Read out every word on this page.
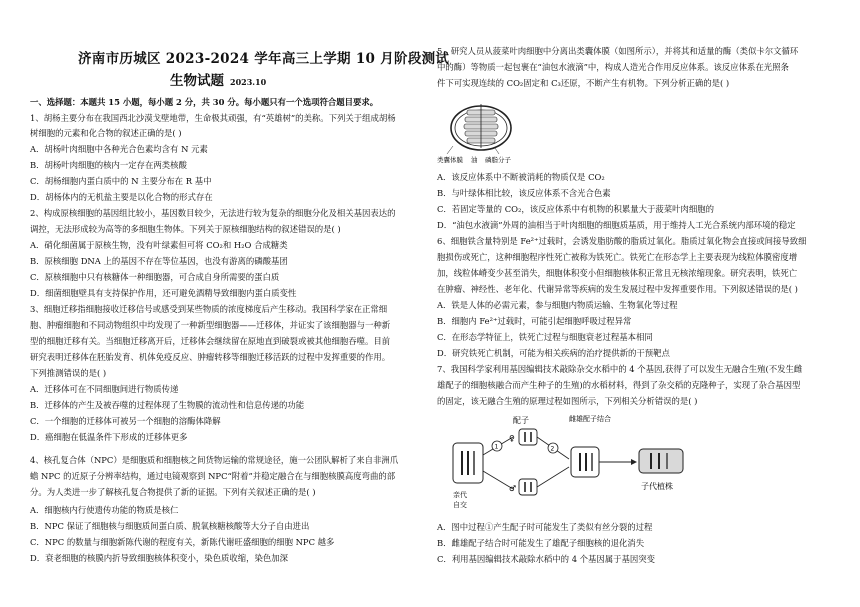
济南市历城区 2023-2024 学年高三上学期 10 月阶段测试
生物试题 2023.10
一、选择题：本题共 15 小题，每小题 2 分，共 30 分。每小题只有一个选项符合题目要求。
1、胡杨主要分布在我国西北沙漠戈壁地带，生命极其顽强，有“英雄树”的美称。下列关于组成胡杨
树细胞的元素和化合物的叙述正确的是( )
A．胡杨叶肉细胞中各种光合色素均含有 N 元素
B．胡杨叶肉细胞的核内一定存在两类核酸
C．胡杨细胞内蛋白质中的 N 主要分布在 R 基中
D．胡杨体内的无机盐主要是以化合物的形式存在
2、构成原核细胞的基因组比较小，基因数目较少，无法进行较为复杂的细胞分化及相关基因表达的
调控，无法形成较为高等的多细胞生物体。下列关于原核细胞结构的叙述错误的是( )
A．硝化细菌属于原核生物，没有叶绿素但可将 CO₂和 H₂O 合成糖类
B．原核细胞 DNA 上的基因不存在等位基因，也没有游离的磷酸基团
C．原核细胞中只有核糖体一种细胞器，可合成自身所需要的蛋白质
D．细菌细胞壁具有支持保护作用，还可避免酒精导致细胞内蛋白质变性
3、细胞迁移指细胞接收迁移信号或感受到某些物质的浓度梯度后产生移动。我国科学家在正常细
胞、肿瘤细胞和不同动物组织中均发现了一种新型细胞器——迁移体，并证实了该细胞器与一种新
型的细胞迁移有关。当细胞迁移离开后，迁移体会继续留在原地直到破裂或被其他细胞吞噬。目前
研究表明迁移体在胚胎发育、机体免疫反应、肿瘤转移等细胞迁移活跃的过程中发挥重要的作用。
下列推测错误的是( )
A．迁移体可在不同细胞间进行物质传递
B．迁移体的产生及被吞噬的过程体现了生物膜的流动性和信息传递的功能
C．一个细胞的迁移体可被另一个细胞的溶酶体降解
D．癌细胞在低温条件下形成的迁移体更多
4、核孔复合体（NPC）是细胞质和细胞核之间货物运输的常规途径，施一公团队解析了来自非洲爪
蟾 NPC 的近原子分辨率结构，通过电镜观察到 NPC“附着”并稳定融合在与细胞核膜高度弯曲的部
分。为人类进一步了解核孔复合物提供了新的证据。下列有关叙述正确的是( )
A．细胞核内行使遗传功能的物质是核仁
B．NPC 保证了细胞核与细胞质间蛋白质、脱氧核糖核酸等大分子自由进出
C．NPC 的数量与细胞新陈代谢的程度有关，新陈代谢旺盛细胞的细胞 NPC 越多
D．衰老细胞的核膜内折导致细胞核体积变小，染色质收缩，染色加深
5、研究人员从菠菜叶肉细胞中分离出类囊体膜（如图所示），并将其和适量的酶（类似卡尔文循环
中的酶）等物质一起包裹在“油包水液滴”中，构成人造光合作用反应体系。该反应体系在光照条
件下可实现连续的 CO₂固定和 C₃还原，不断产生有机物。下列分析正确的是( )
类囊体膜 油 磷脂分子
A．该反应体系中不断被消耗的物质仅是 CO₂
B．与叶绿体相比较，该反应体系不含光合色素
C．若固定等量的 CO₂，该反应体系中有机物的积累量大于菠菜叶肉细胞的
D．“油包水液滴”外周的油相当于叶肉细胞的细胞质基质，用于维持人工光合系统内部环境的稳定
6、细胞铁含量特别是 Fe²⁺过载时，会诱发脂肪酸的脂质过氧化。脂质过氧化物会直接或间接导致细
胞损伤或死亡，这种细胞程序性死亡被称为铁死亡。铁死亡在形态学上主要表现为线粒体膜密度增
加，线粒体嵴变少甚至消失，细胞体积变小但细胞核体积正常且无核浓缩现象。研究表明，铁死亡
在肿瘤、神经性、老年化、代谢异常等疾病的发生发展过程中发挥重要作用。下列叙述错误的是( )
A．铁是人体的必需元素，参与细胞内物质运输、生物氧化等过程
B．细胞内 Fe²⁺过载时，可能引起细胞呼吸过程异常
C．在形态学特征上，铁死亡过程与细胞衰老过程基本相同
D．研究铁死亡机制，可能为相关疾病的治疗提供新的干预靶点
7、我国科学家利用基因编辑技术敲除杂交水稻中的 4 个基因,获得了可以发生无融合生殖(不发生雌
雄配子的细胞核融合而产生种子的生殖)的水稻材料，得到了杂交稻的克隆种子，实现了杂合基因型
的固定，该无融合生殖的原理过程如图所示，下列相关分析错误的是( )
亲代
自交
1
配子
♀
♂
2
雌雄配子结合
子代植株
A．图中过程①产生配子时可能发生了类似有丝分裂的过程
B．雌雄配子结合时可能发生了雄配子细胞核的退化消失
C．利用基因编辑技术敲除水稻中的 4 个基因属于基因突变
